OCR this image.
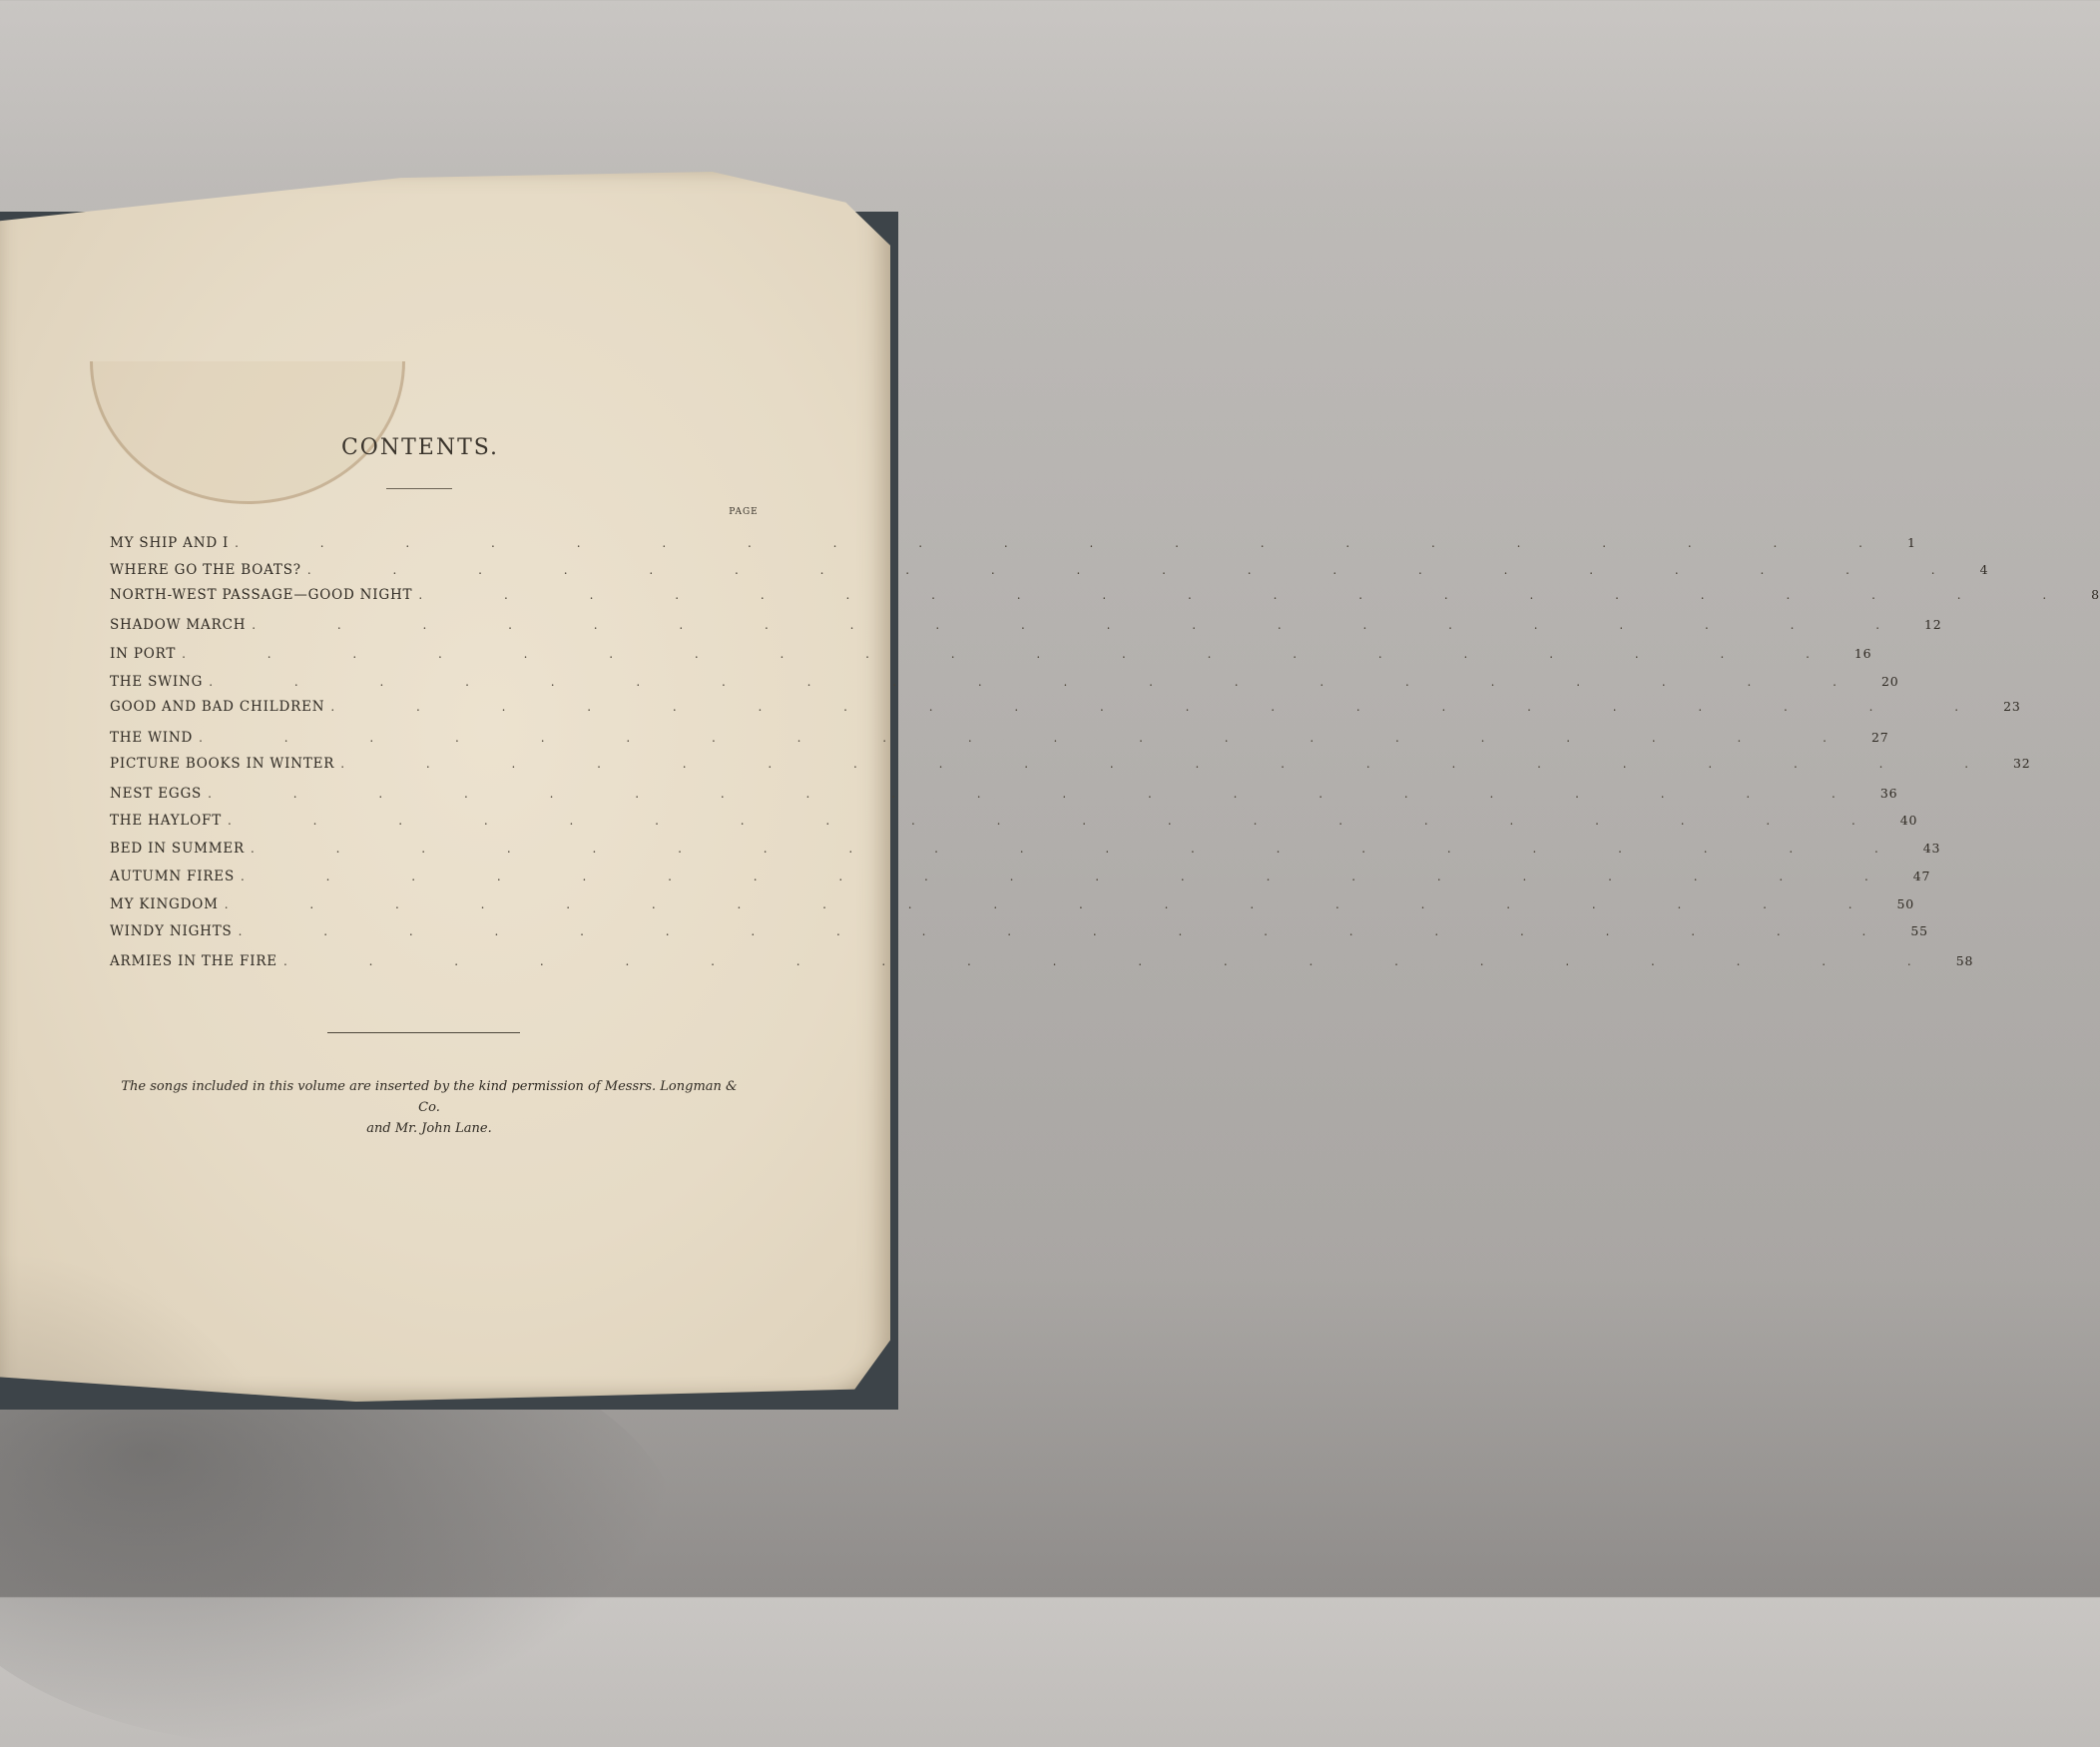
CONTENTS.
PAGE
MY SHIP AND I . . . . . . . . . . . . . . . . . . . . 1
WHERE GO THE BOATS? . . . . . . . . . . . . . . . . . . . . 4
NORTH-WEST PASSAGE—GOOD NIGHT . . . . . . . . . . . . . . . . . . . . 8
SHADOW MARCH . . . . . . . . . . . . . . . . . . . . 12
IN PORT . . . . . . . . . . . . . . . . . . . . 16
THE SWING . . . . . . . . . . . . . . . . . . . . 20
GOOD AND BAD CHILDREN . . . . . . . . . . . . . . . . . . . . 23
THE WIND . . . . . . . . . . . . . . . . . . . . 27
PICTURE BOOKS IN WINTER . . . . . . . . . . . . . . . . . . . . 32
NEST EGGS . . . . . . . . . . . . . . . . . . . . 36
THE HAYLOFT . . . . . . . . . . . . . . . . . . . . 40
BED IN SUMMER . . . . . . . . . . . . . . . . . . . . 43
AUTUMN FIRES . . . . . . . . . . . . . . . . . . . . 47
MY KINGDOM . . . . . . . . . . . . . . . . . . . . 50
WINDY NIGHTS . . . . . . . . . . . . . . . . . . . . 55
ARMIES IN THE FIRE . . . . . . . . . . . . . . . . . . . . 58
The songs included in this volume are inserted by the kind permission of Messrs. Longman & Co.
and Mr. John Lane.
